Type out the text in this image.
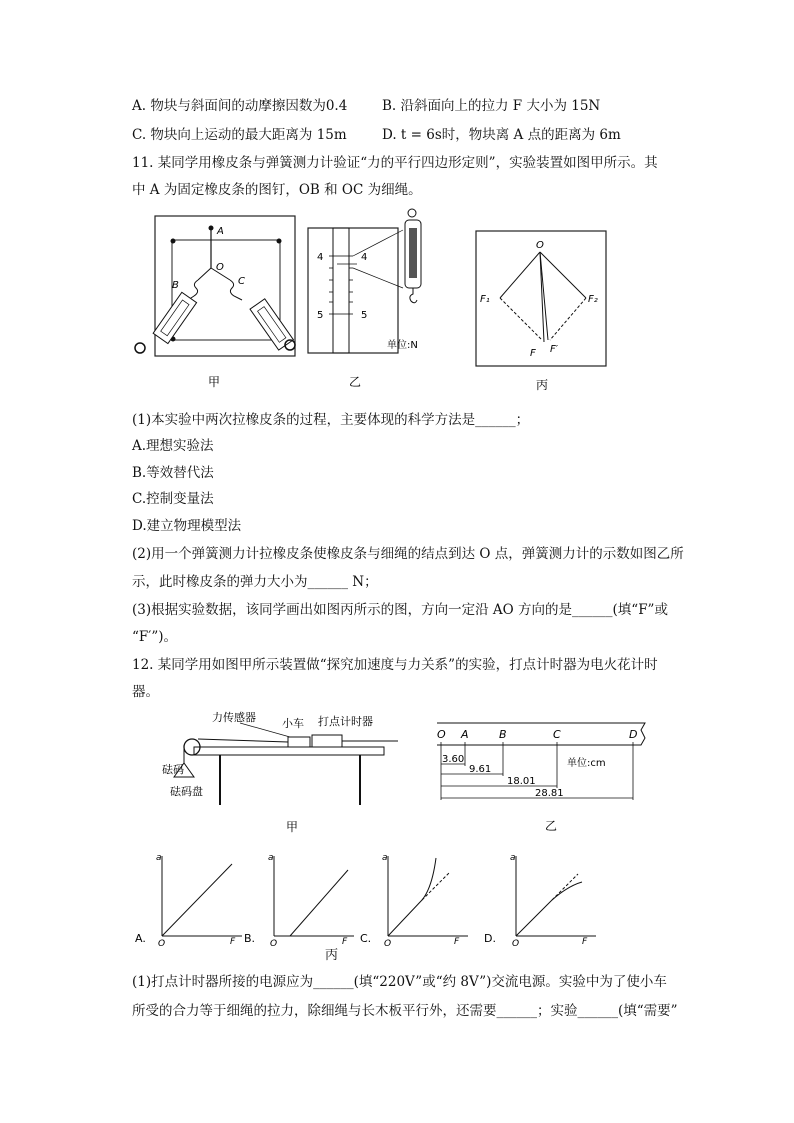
A. 物块与斜面间的动摩擦因数为0.4	B. 沿斜面向上的拉力 F 大小为 15N
C. 物块向上运动的最大距离为 15m	D. t = 6s时，物块离 A 点的距离为 6m
11. 某同学用橡皮条与弹簧测力计验证“力的平行四边形定则”，实验装置如图甲所示。其
中 A 为固定橡皮条的图钉，OB 和 OC 为细绳。
A
O
B	C
甲
4	4
5	5
单位:N
乙
O
F₁	F₂
F F′
丙
(1)本实验中两次拉橡皮条的过程，主要体现的科学方法是______；
A.理想实验法
B.等效替代法
C.控制变量法
D.建立物理模型法
(2)用一个弹簧测力计拉橡皮条使橡皮条与细绳的结点到达 O 点，弹簧测力计的示数如图乙所
示，此时橡皮条的弹力大小为______ N；
(3)根据实验数据，该同学画出如图丙所示的图，方向一定沿 AO 方向的是______(填“F”或
“F′”)。
12. 某同学用如图甲所示装置做“探究加速度与力关系”的实验，打点计时器为电火花计时
器。
力传感器 小车 打点计时器
砝码
砝码盘
甲
O A	B	C	D
3.60
9.61
18.01
28.81
单位:cm
乙
A.
a
O	F B.
a
O	F C.
a
O	F D.
a
O	F
丙
(1)打点计时器所接的电源应为______(填“220V”或“约 8V”)交流电源。实验中为了使小车
所受的合力等于细绳的拉力，除细绳与长木板平行外，还需要______；实验______(填“需要”
